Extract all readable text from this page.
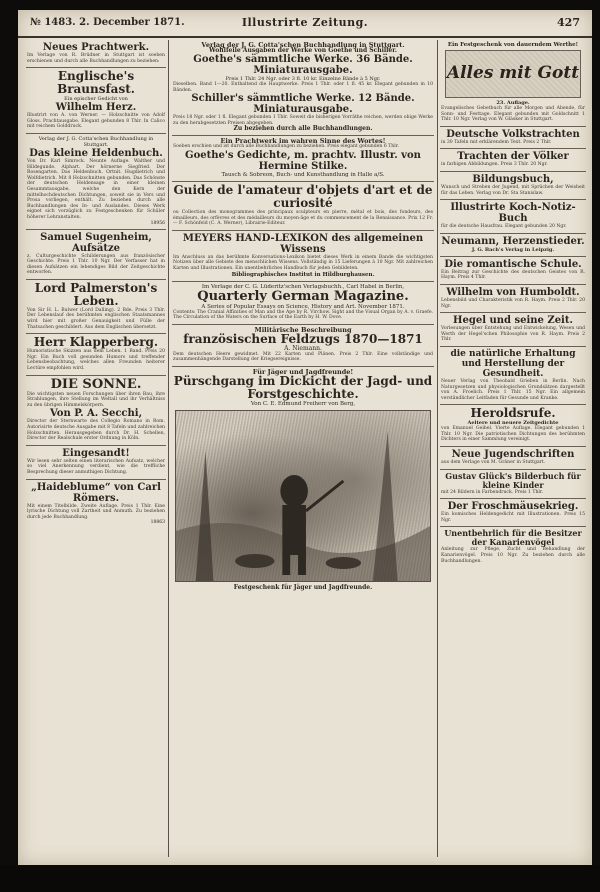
№ 1483. 2. December 1871.	Illustrirte Zeitung.	427
Neues Prachtwerk.
Im Verlage von R. Brüdner in Stuttgart ist soeben erschienen und durch alle Buchhandlungen zu beziehen:
Englische's Braunsfast.
Ein epischer Gedicht von
Wilhelm Herz.
Illustrirt von A. von Werner. — Holzschnitte von Adolf Gloss. Prachtausgabe. Elegant gebunden 8 Thlr. In Calico mit reichem Golddruck.
Verlag der J. G. Cotta'schen Buchhandlung in Stuttgart.
Das kleine Heldenbuch.
Von Dr. Karl Simrock. Neunte Auflage. Walther und Hildegunde. Alphart. Der hörnerne Siegfried. Der Rosengarten. Das Heldenbuch. Ortnit. Hugdietrich und Wolfdietrich. Mit 8 Holzschnitten gebunden. Das Schönste der deutschen Heldensage in einer kleinen Gesammtausgabe, welche den Kern der mittelhochdeutschen Dichtungen, soweit sie in Vers und Prosa vorliegen, enthält. Zu beziehen durch alle Buchhandlungen des In- und Auslandes. Dieses Werk eignet sich vorzüglich zu Festgeschenken für Schüler höherer Lehranstalten.
18956
Samuel Sugenheim, Aufsätze
z. Culturgeschichte Schilderungen aus französischer Geschichte. Preis 1 Thlr. 10 Ngr. Der Verfasser hat in diesen Aufsätzen ein lebendiges Bild der Zeitgeschichte entworfen.
Lord Palmerston's Leben.
Von Sir H. L. Bulwer (Lord Dalling). 2 Bde. Preis 3 Thlr. Der Lebenslauf des berühmten englischen Staatsmannes wird hier mit großer Genauigkeit und Fülle der Thatsachen geschildert. Aus dem Englischen übersetzt.
Herr Klapperberg.
Humoristische Skizzen aus dem Leben. 1 Band. Preis 20 Ngr. Ein Buch voll gesunden Humors und treffender Lebensbeobachtung, welches allen Freunden heiterer Lectüre empfohlen wird.
DIE SONNE.
Die wichtigsten neuen Forschungen über ihren Bau, ihre Strahlungen, ihre Stellung im Weltall und ihr Verhältniss zu den übrigen Himmelskörpern.
Von P. A. Secchi,
Director der Sternwarte des Collegio Romano in Rom. Autorisirte deutsche Ausgabe mit 8 Tafeln und zahlreichen Holzschnitten. Herausgegeben durch Dr. H. Schellen, Director der Realschule erster Ordnung in Köln.
Eingesandt!
Wir lesen sehr selten einen literarischen Aufsatz, welcher so viel Anerkennung verdient, wie die treffliche Besprechung dieser anmuthigen Dichtung.
„Haideblume“ von Carl Römers.
Mit einem Titelbilde. Zweite Auflage. Preis 1 Thlr. Eine lyrische Dichtung voll Zartheit und Anmuth. Zu beziehen durch jede Buchhandlung.
18863
Verlag der J. G. Cotta'schen Buchhandlung in Stuttgart.
Wohlfeile Ausgaben der Werke von Goethe und Schiller.
Goethe's sämmtliche Werke. 36 Bände. Miniaturausgabe.
Preis 1 Thlr. 24 Ngr. oder 3 fl. 10 kr. Einzelne Bände à 5 Ngr.
Dieselben. Band 1—20. Enthaltend die Hauptwerke. Preis 1 Thlr. oder 1 fl. 45 kr. Elegant gebunden in 10 Bänden.
Schiller's sämmtliche Werke. 12 Bände. Miniaturausgabe.
Preis 18 Ngr. oder 1 fl. Elegant gebunden 1 Thlr. Soweit die bisherigen Vorräthe reichen, werden obige Werke zu den herabgesetzten Preisen abgegeben.
Zu beziehen durch alle Buchhandlungen.
Ein Prachtwerk im wahren Sinne des Wortes!
Soeben erschien und ist durch alle Buchhandlungen zu beziehen. Preis elegant gebunden 6 Thlr.
Goethe's Gedichte, m. prachtv. Illustr. von Hermine Stilke.
Tausch & Sobreon, Buch- und Kunsthandlung in Halle a/S.
Guide de l'amateur d'objets d'art et de curiosité
ou Collection des monogrammes des principaux sculpteurs en pierre, métal et bois, des fondeurs, des émailleurs, des orfèvres et des médailleurs du moyen-âge et du commencement de la Renaissance. Prix 12 Fr. — F. Schönfeld (C. A. Werner), Librairie-Editeur.
MEYERS HAND-LEXIKON des allgemeinen Wissens
Im Anschluss an das berühmte Konversations-Lexikon bietet dieses Werk in einem Bande die wichtigsten Notizen über alle Gebiete des menschlichen Wissens. Vollständig in 15 Lieferungen à 10 Ngr. Mit zahlreichen Karten und Illustrationen. Ein unentbehrliches Handbuch für jeden Gebildeten.
Bibliographisches Institut in Hildburghausen.
Im Verlage der C. G. Lüderitz'schen Verlagsbuchh., Carl Habel in Berlin,
Quarterly German Magazine.
A Series of Popular Essays on Science, History and Art. November 1871.
Contents: The Cranial Affinities of Man and the Ape by R. Virchow. Sight and the Visual Organ by A. v. Graefe. The Circulation of the Waters on the Surface of the Earth by H. W. Dove.
Militärische Beschreibung
französischen Feldzugs 1870—1871
A. Niemann.
Dem deutschen Heere gewidmet. Mit 22 Karten und Plänen. Preis 2 Thlr. Eine vollständige und zusammenhängende Darstellung der Kriegsereignisse.
Für Jäger und Jagdfreunde!
Pürschgang im Dickicht der Jagd- und Forstgeschichte.
Von C. E. Edmund Freiherr von Berg,
Festgeschenk für Jäger und Jagdfreunde.
Ein Festgeschenk von dauerndem Werthe!
Alles mit Gott
23. Auflage.
Evangelisches Gebetbuch für alle Morgen und Abende, für Sonn- und Festtage. Elegant gebunden mit Goldschnitt 1 Thlr. 10 Ngr. Verlag von W. Gläsker in Stuttgart.
Deutsche Volkstrachten
in 30 Tafeln mit erklärendem Text. Preis 2 Thlr.
Trachten der Völker
in farbigen Abbildungen. Preis 3 Thlr. 20 Ngr.
Bildungsbuch,
Wunsch und Streben der Jugend, mit Sprüchen der Weisheit für das Leben. Verlag von Dr. Sta Stanislaw.
Illustrirte Koch-Notiz-Buch
für die deutsche Hausfrau. Elegant gebunden 20 Ngr.
Neumann, Herzenstieder.
J. G. Bach's Verlag in Leipzig.
Die romantische Schule.
Ein Beitrag zur Geschichte des deutschen Geistes von R. Haym. Preis 4 Thlr.
Wilhelm von Humboldt.
Lebensbild und Charakteristik von R. Haym. Preis 2 Thlr. 20 Ngr.
Hegel und seine Zeit.
Vorlesungen über Entstehung und Entwickelung, Wesen und Werth der Hegel'schen Philosophie von R. Haym. Preis 2 Thlr.
die natürliche Erhaltung und Herstellung der Gesundheit.
Neuer Verlag von Theobald Grieben in Berlin. Nach Naturgesetzen und physiologischen Grundsätzen dargestellt von A. Froelich. Preis 1 Thlr. 15 Ngr. Ein allgemein verständlicher Leitfaden für Gesunde und Kranke.
Heroldsrufe.
Aeltere und neuere Zeitgedichte
von Emanuel Geibel. Vierte Auflage. Elegant gebunden 1 Thlr. 10 Ngr. Die patriotischen Dichtungen des berühmten Dichters in einer Sammlung vereinigt.
Neue Jugendschriften
aus dem Verlage von M. Gräner in Stuttgart.
Gustav Glück's Bilderbuch für kleine Kinder
mit 24 Bildern in Farbendruck. Preis 1 Thlr.
Der Froschmäusekrieg.
Ein komisches Heldengedicht mit Illustrationen. Preis 15 Ngr.
Unentbehrlich für die Besitzer der Kanarienvögel
Anleitung zur Pflege, Zucht und Behandlung der Kanarienvögel. Preis 10 Ngr. Zu beziehen durch alle Buchhandlungen.
